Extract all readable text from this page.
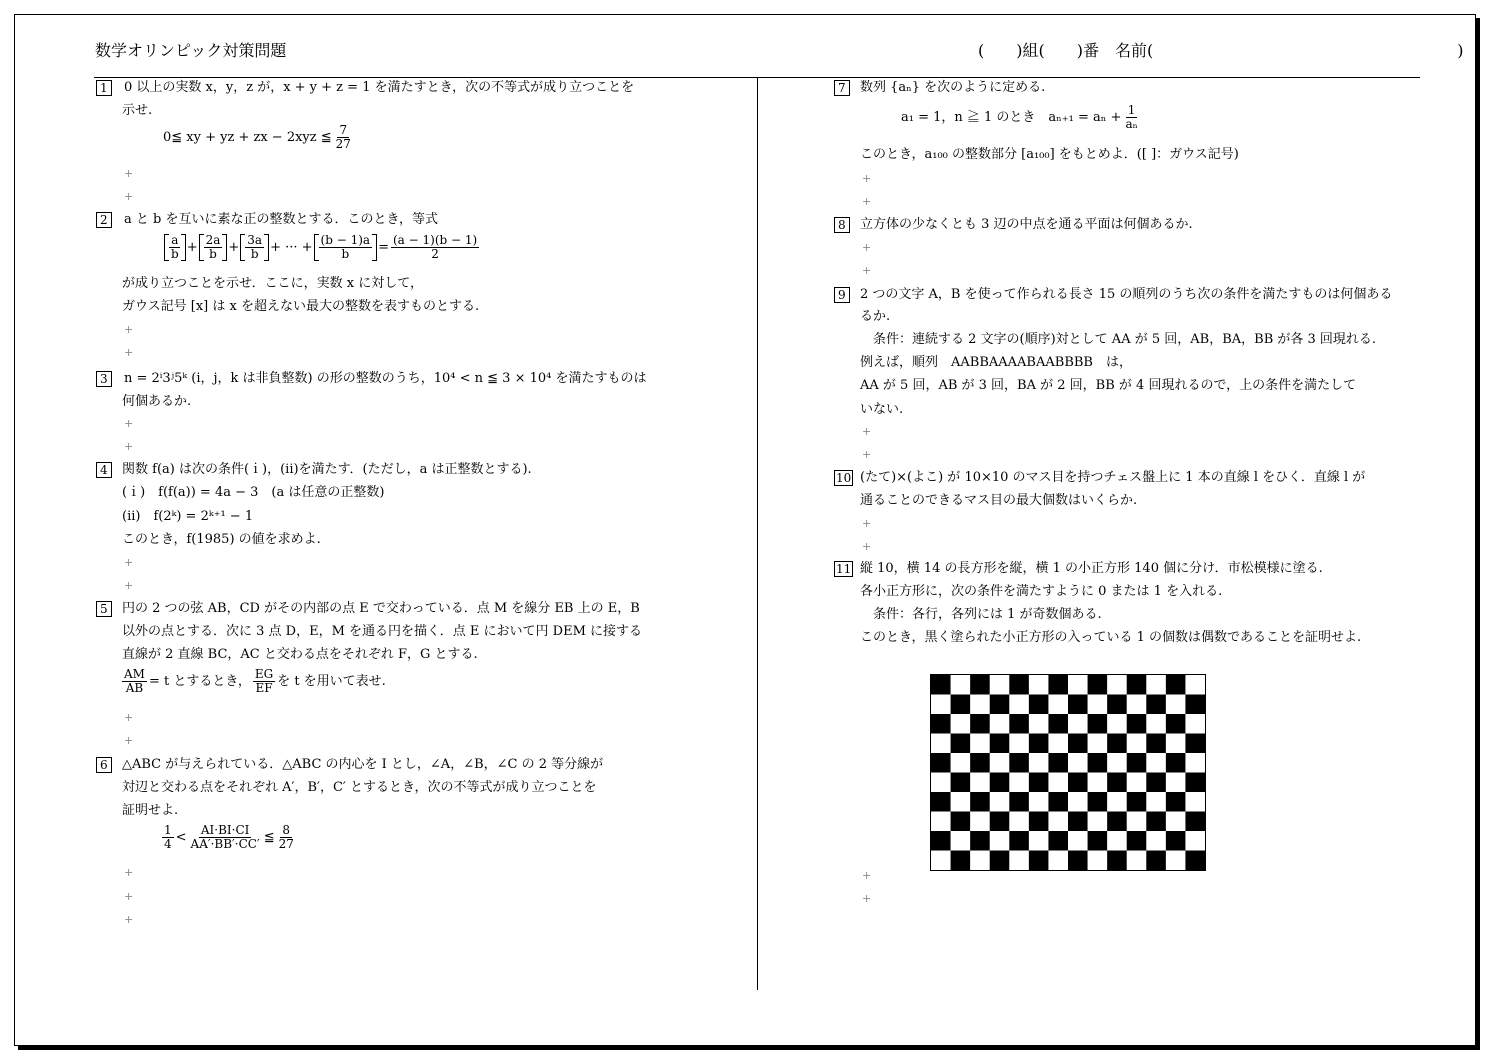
数学オリンピック対策問題	(　　)組(　　)番　名前(　　　　　　　　　　　　　　　　　　　)
1	0 以上の実数 x，y，z が，x + y + z = 1 を満たすとき，次の不等式が成り立つことを
示せ.
0≦ xy + yz + zx − 2xyz ≦ $\frac{7}{27}$
+
+
2	a と b を互いに素な正の整数とする．このとき，等式
$\frac{a}{b} + \frac{2a}{b} + \frac{3a}{b}$ + ··· + $\frac{(b - 1)a}{b} = \frac{(a - 1)(b - 1)}{2}$
が成り立つことを示せ．ここに，実数 x に対して，
ガウス記号 [x] は x を超えない最大の整数を表すものとする.
+
+
3	n = 2ⁱ3ʲ5ᵏ (i，j，k は非負整数) の形の整数のうち，10⁴ < n ≦ 3 × 10⁴ を満たすものは
何個あるか.
+
+
4	関数 f(a) は次の条件(ｉ)，(ii)を満たす．(ただし，a は正整数とする).
(ｉ)　f(f(a)) = 4a − 3　(a は任意の正整数)
(ii)　f(2ᵏ) = 2ᵏ⁺¹ − 1
このとき，f(1985) の値を求めよ.
+
+
5	円の 2 つの弦 AB，CD がその内部の点 E で交わっている．点 M を線分 EB 上の E，B
以外の点とする．次に 3 点 D，E，M を通る円を描く．点 E において円 DEM に接する
直線が 2 直線 BC，AC と交わる点をそれぞれ F，G とする.
$\frac{AM}{AB} = t$ とするとき， $\frac{EG}{EF}$ を t を用いて表せ.
+
+
6	△ABC が与えられている．△ABC の内心を I とし，∠A，∠B，∠C の 2 等分線が
対辺と交わる点をそれぞれ A′，B′，C′ とするとき，次の不等式が成り立つことを
証明せよ.
$\frac{1}{4} < \frac{AI\cdot BI\cdot CI}{AA'\cdot BB'\cdot CC'}$ ≦ $\frac{8}{27}$
+
+
+
7	数列 {aₙ} を次のように定める.
a₁ = 1，n ≧ 1 のとき　$a_{n+1} = a_n + \frac{1}{\text{aₙ}}$
このとき，a₁₀₀ の整数部分 [a₁₀₀] をもとめよ．([ ]：ガウス記号)
+
+
8	立方体の少なくとも 3 辺の中点を通る平面は何個あるか.
+
+
9	2 つの文字 A，B を使って作られる長さ 15 の順列のうち次の条件を満たすものは何個ある
るか.
条件：連続する 2 文字の(順序)対として AA が 5 回，AB，BA，BB が各 3 回現れる.
例えば，順列　AABBAAAABAABBBB　は，
AA が 5 回，AB が 3 回，BA が 2 回，BB が 4 回現れるので，上の条件を満たして
いない.
+
+
10 (たて)×(よこ) が 10×10 のマス目を持つチェス盤上に 1 本の直線 l をひく．直線 l が
通ることのできるマス目の最大個数はいくらか.
+
+
11 縦 10，横 14 の長方形を縦，横 1 の小正方形 140 個に分け．市松模様に塗る.
各小正方形に，次の条件を満たすように 0 または 1 を入れる.
条件：各行，各列には 1 が奇数個ある.
このとき，黒く塗られた小正方形の入っている 1 の個数は偶数であることを証明せよ.
+
+
